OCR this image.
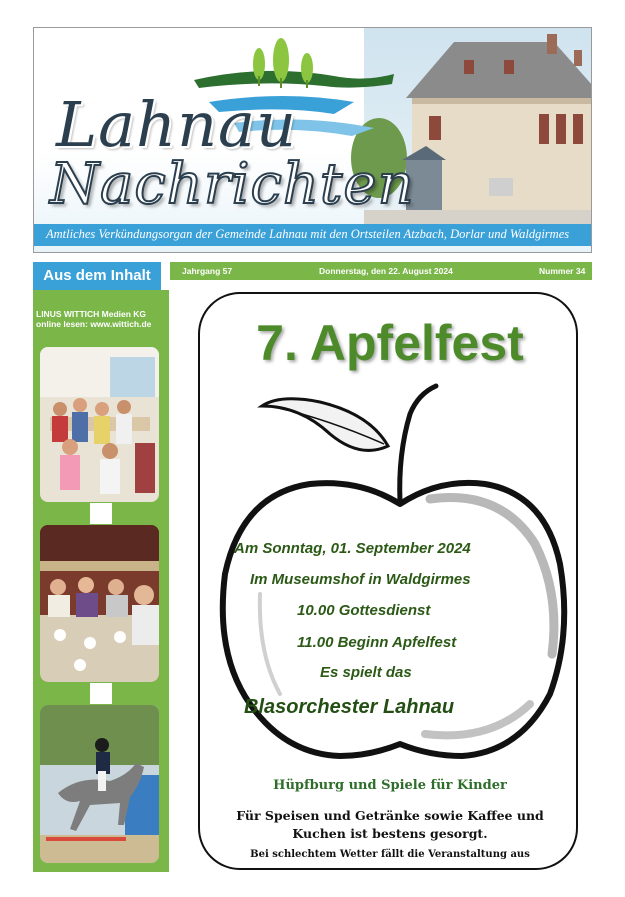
Lahnau

Nachrichten

Amtliches Verkündungsorgan der Gemeinde Lahnau mit den Ortsteilen Atzbach, Dorlar und Waldgirmes

Aus dem Inhalt	Jahrgang 57	Donnerstag, den 22. August 2024	Nummer 34

LINUS WITTICH Medien KG

online lesen: www.wittich.de	7. Apfelfest

Am Sonntag, 01. September 2024

Im Museumshof in Waldgirmes

10.00 Gottesdienst

11.00 Beginn Apfelfest

Es spielt das

Blasorchester Lahnau

Hüpfburg und Spiele für Kinder

Für Speisen und Getränke sowie Kaffee und

Kuchen ist bestens gesorgt.

Bei schlechtem Wetter fällt die Veranstaltung aus
